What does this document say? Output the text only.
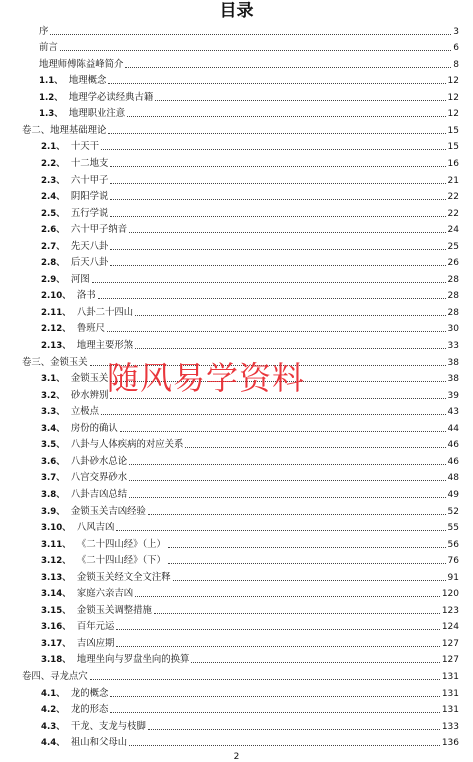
目录
序	3
前言	6
地理师傅陈益峰简介	8
1.1、 地理概念	12
1.2、 地理学必读经典古籍	12
1.3、 地理职业注意	12
卷二、地理基础理论	15
2.1、 十天干	15
2.2、 十二地支	16
2.3、 六十甲子	21
2.4、 阴阳学说	22
2.5、 五行学说	22
2.6、 六十甲子纳音	24
2.7、 先天八卦	25
2.8、 后天八卦	26
2.9、 河图	28
2.10、 洛书	28
2.11、 八卦二十四山	28
2.12、 鲁班尺	30
2.13、 地理主要形煞	33
卷三、金锁玉关	38
3.1、 金锁玉关	38
3.2、 砂水辨别	39
3.3、 立极点	43
3.4、 房份的确认	44
3.5、 八卦与人体疾病的对应关系	46
3.6、 八卦砂水总论	46
3.7、 八宫交界砂水	48
3.8、 八卦吉凶总结	49
3.9、 金锁玉关吉凶经验	52
3.10、 八风吉凶	55
3.11、 《二十四山经》（上）	56
3.12、 《二十四山经》（下）	76
3.13、 金锁玉关经文全文注释	91
3.14、 家庭六亲吉凶	120
3.15、 金锁玉关调整措施	123
3.16、 百年元运	124
3.17、 吉凶应期	127
3.18、 地理坐向与罗盘坐向的换算	127
卷四、寻龙点穴	131
4.1、 龙的概念	131
4.2、 龙的形态	131
4.3、 干龙、支龙与枝脚	133
4.4、 祖山和父母山	136
随风易学资料
2
